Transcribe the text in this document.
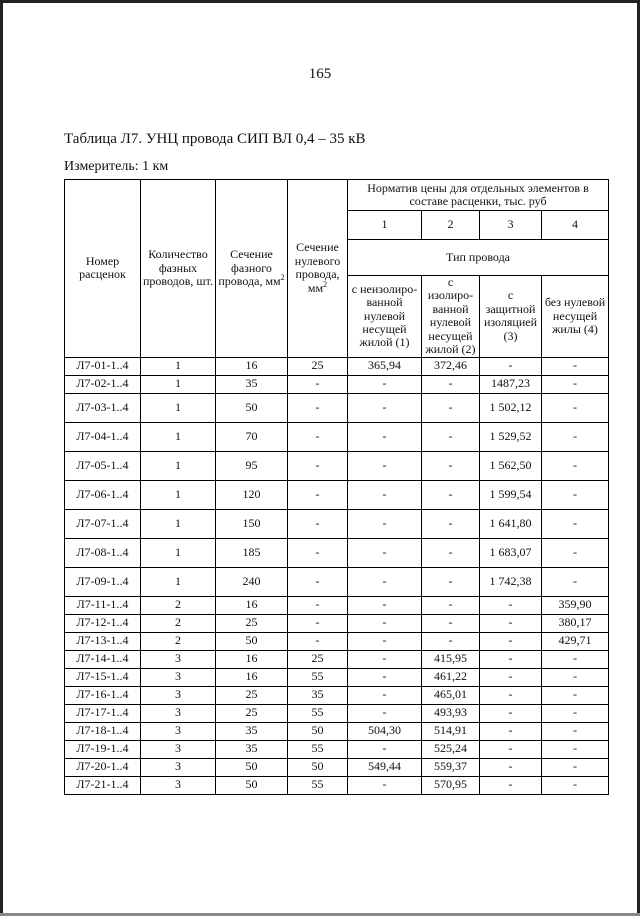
165
Таблица Л7. УНЦ провода СИП ВЛ 0,4 – 35 кВ
Измеритель: 1 км
Номер расценок	Количество фазных проводов, шт.	Сечение фазного провода, $мм^2$	Сечение нулевого провода, $мм^2$	Норматив цены для отдельных элементов в составе расценки, тыс. руб			
				1	2	3	4
				Тип провода			
				с неизолиро-ванной нулевой несущей жилой (1)	с изолиро-ванной нулевой несущей жилой (2)	с защитной изоляцией (3)	без нулевой несущей жилы (4)
Л7-01-1..4	1	16	25	365,94	372,46	-	-
Л7-02-1..4	1	35	-	-	-	1487,23	-
Л7-03-1..4	1	50	-	-	-	1 502,12	-
Л7-04-1..4	1	70	-	-	-	1 529,52	-
Л7-05-1..4	1	95	-	-	-	1 562,50	-
Л7-06-1..4	1	120	-	-	-	1 599,54	-
Л7-07-1..4	1	150	-	-	-	1 641,80	-
Л7-08-1..4	1	185	-	-	-	1 683,07	-
Л7-09-1..4	1	240	-	-	-	1 742,38	-
Л7-11-1..4	2	16	-	-	-	-	359,90
Л7-12-1..4	2	25	-	-	-	-	380,17
Л7-13-1..4	2	50	-	-	-	-	429,71
Л7-14-1..4	3	16	25	-	415,95	-	-
Л7-15-1..4	3	16	55	-	461,22	-	-
Л7-16-1..4	3	25	35	-	465,01	-	-
Л7-17-1..4	3	25	55	-	493,93	-	-
Л7-18-1..4	3	35	50	504,30	514,91	-	-
Л7-19-1..4	3	35	55	-	525,24	-	-
Л7-20-1..4	3	50	50	549,44	559,37	-	-
Л7-21-1..4	3	50	55	-	570,95	-	-
